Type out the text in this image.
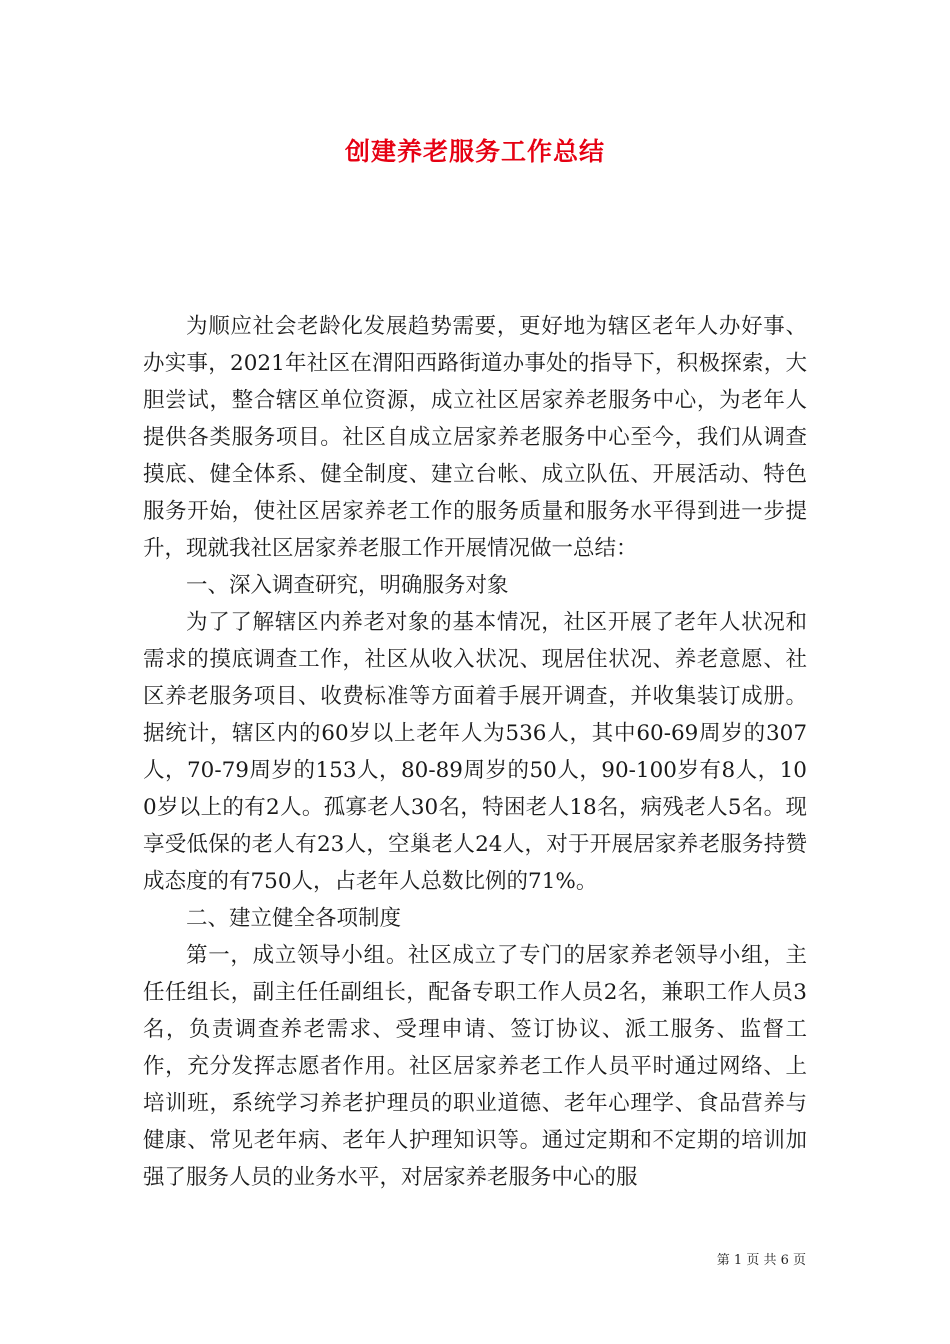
创建养老服务工作总结

为顺应社会老龄化发展趋势需要，更好地为辖区老年人办好事、办实事，2021年社区在渭阳西路街道办事处的指导下，积极探索，大胆尝试，整合辖区单位资源，成立社区居家养老服务中心，为老年人提供各类服务项目。社区自成立居家养老服务中心至今，我们从调查摸底、健全体系、健全制度、建立台帐、成立队伍、开展活动、特色服务开始，使社区居家养老工作的服务质量和服务水平得到进一步提升，现就我社区居家养老服工作开展情况做一总结：

一、深入调查研究，明确服务对象

为了了解辖区内养老对象的基本情况，社区开展了老年人状况和需求的摸底调查工作，社区从收入状况、现居住状况、养老意愿、社区养老服务项目、收费标准等方面着手展开调查，并收集装订成册。据统计，辖区内的60岁以上老年人为536人，其中60-69周岁的307人，70-79周岁的153人，80-89周岁的50人，90-100岁有8人，100岁以上的有2人。孤寡老人30名，特困老人18名，病残老人5名。现享受低保的老人有23人，空巢老人24人，对于开展居家养老服务持赞成态度的有750人，占老年人总数比例的71%。

二、建立健全各项制度

第一，成立领导小组。社区成立了专门的居家养老领导小组，主任任组长，副主任任副组长，配备专职工作人员2名，兼职工作人员3名，负责调查养老需求、受理申请、签订协议、派工服务、监督工作，充分发挥志愿者作用。社区居家养老工作人员平时通过网络、上培训班，系统学习养老护理员的职业道德、老年心理学、食品营养与健康、常见老年病、老年人护理知识等。通过定期和不定期的培训加强了服务人员的业务水平，对居家养老服务中心的服

第 1 页 共 6 页
